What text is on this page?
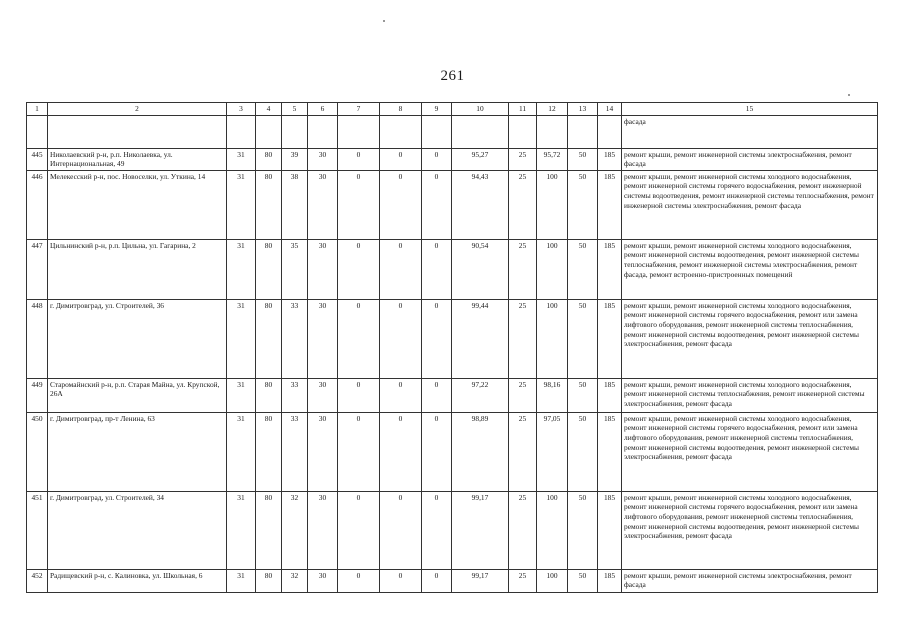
261
1	2	3	4	5	6	7	8	9	10	11	12	13	14	15
														фасада
445	Николаевский р-н, р.п. Николаевка, ул. Интернациональная, 49	31	80	39	30	0	0	0	95,27	25	95,72	50	185	ремонт крыши, ремонт инженерной системы электроснабжения, ремонт фасада
446	Мелекесский р-н, пос. Новоселки, ул. Уткина, 14	31	80	38	30	0	0	0	94,43	25	100	50	185	ремонт крыши, ремонт инженерной системы холодного водоснабжения, ремонт инженерной системы горячего водоснабжения, ремонт инженерной системы водоотведения, ремонт инженерной системы теплоснабжения, ремонт инженерной системы электроснабжения, ремонт фасада
447	Цильнинский р-н, р.п. Цильна, ул. Гагарина, 2	31	80	35	30	0	0	0	90,54	25	100	50	185	ремонт крыши, ремонт инженерной системы холодного водоснабжения, ремонт инженерной системы водоотведения, ремонт инженерной системы теплоснабжения, ремонт инженерной системы электроснабжения, ремонт фасада, ремонт встроенно-пристроенных помещений
448	г. Димитровград, ул. Строителей, 36	31	80	33	30	0	0	0	99,44	25	100	50	185	ремонт крыши, ремонт инженерной системы холодного водоснабжения, ремонт инженерной системы горячего водоснабжения, ремонт или замена лифтового оборудования, ремонт инженерной системы теплоснабжения, ремонт инженерной системы водоотведения, ремонт инженерной системы электроснабжения, ремонт фасада
449	Старомайнский р-н, р.п. Старая Майна, ул. Крупской, 26А	31	80	33	30	0	0	0	97,22	25	98,16	50	185	ремонт крыши, ремонт инженерной системы холодного водоснабжения, ремонт инженерной системы теплоснабжения, ремонт инженерной системы электроснабжения, ремонт фасада
450	г. Димитровград, пр-т Ленина, 63	31	80	33	30	0	0	0	98,89	25	97,05	50	185	ремонт крыши, ремонт инженерной системы холодного водоснабжения, ремонт инженерной системы горячего водоснабжения, ремонт или замена лифтового оборудования, ремонт инженерной системы теплоснабжения, ремонт инженерной системы водоотведения, ремонт инженерной системы электроснабжения, ремонт фасада
451	г. Димитровград, ул. Строителей, 34	31	80	32	30	0	0	0	99,17	25	100	50	185	ремонт крыши, ремонт инженерной системы холодного водоснабжения, ремонт инженерной системы горячего водоснабжения, ремонт или замена лифтового оборудования, ремонт инженерной системы теплоснабжения, ремонт инженерной системы водоотведения, ремонт инженерной системы электроснабжения, ремонт фасада
452	Радищевский р-н, с. Калиновка, ул. Школьная, 6	31	80	32	30	0	0	0	99,17	25	100	50	185	ремонт крыши, ремонт инженерной системы электроснабжения, ремонт фасада
